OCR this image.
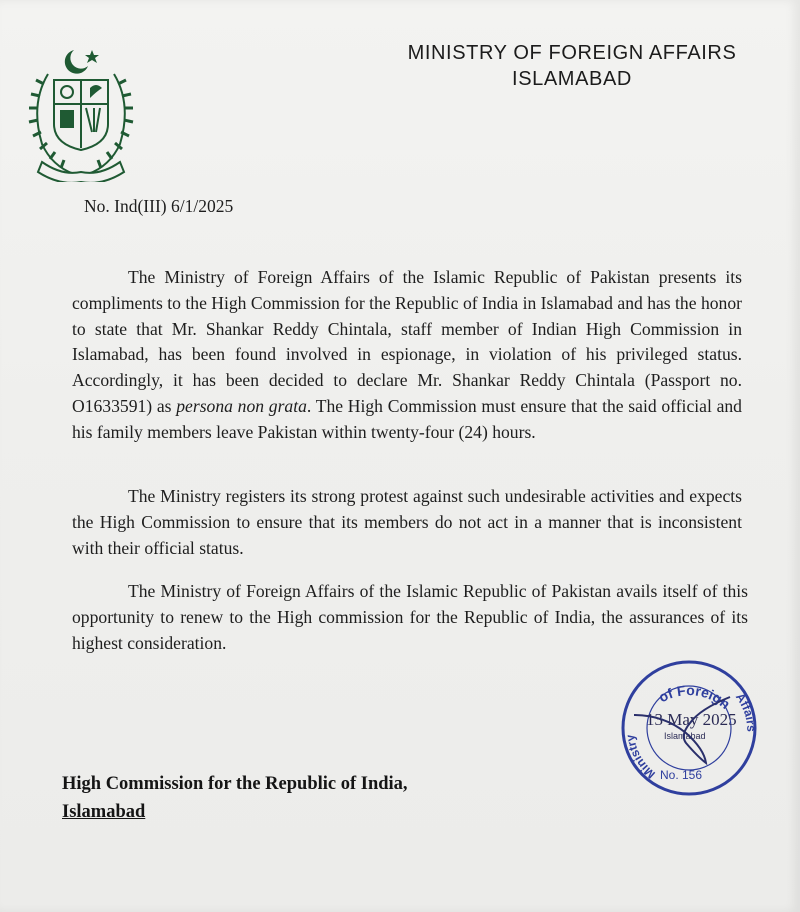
MINISTRY OF FOREIGN AFFAIRS
ISLAMABAD
No. Ind(III) 6/1/2025

The Ministry of Foreign Affairs of the Islamic Republic of Pakistan presents its compliments to the High Commission for the Republic of India in Islamabad and has the honor to state that Mr. Shankar Reddy Chintala, staff member of Indian High Commission in Islamabad, has been found involved in espionage, in violation of his privileged status. Accordingly, it has been decided to declare Mr. Shankar Reddy Chintala (Passport no. O1633591) as persona non grata. The High Commission must ensure that the said official and his family members leave Pakistan within twenty-four (24) hours.

The Ministry registers its strong protest against such undesirable activities and expects the High Commission to ensure that its members do not act in a manner that is inconsistent with their official status.

The Ministry of Foreign Affairs of the Islamic Republic of Pakistan avails itself of this opportunity to renew to the High commission for the Republic of India, the assurances of its highest consideration.

of Foreign
Ministry
Affairs
13 May 2025
Islamabad
No. 156
High Commission for the Republic of India,
Islamabad
